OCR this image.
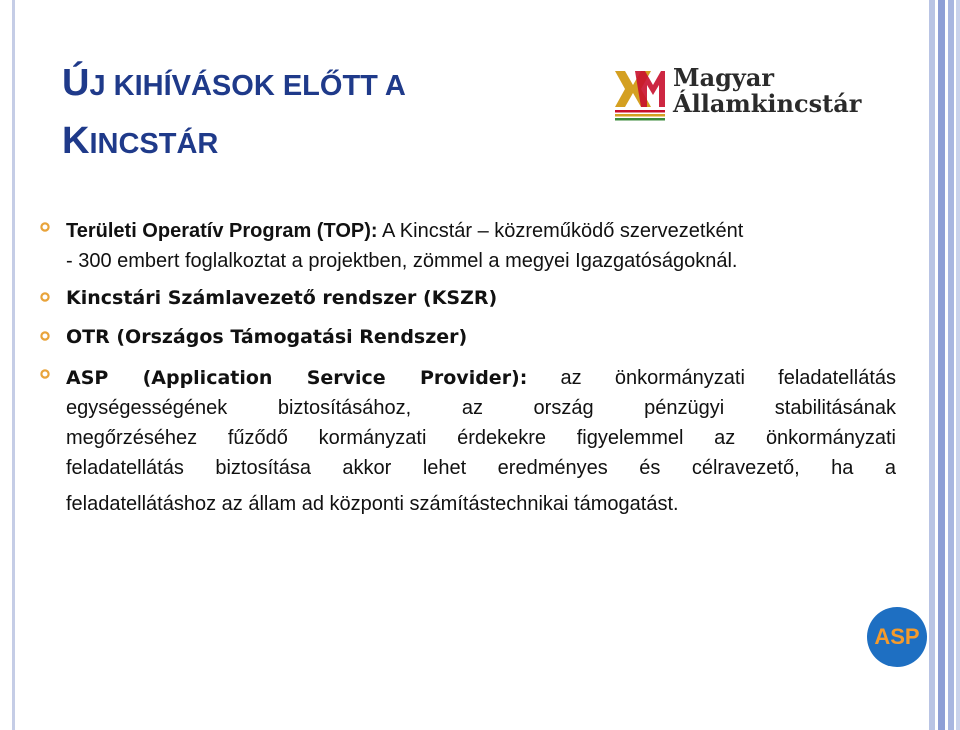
ÚJ KIHÍVÁSOK ELŐTT A
KINCSTÁR
Magyar
Államkincstár
Területi Operatív Program (TOP): A Kincstár – közreműködő szervezetként
- 300 embert foglalkoztat a projektben, zömmel a megyei Igazgatóságoknál.
Kincstári Számlavezető rendszer (KSZR)
OTR (Országos Támogatási Rendszer)
ASP (Application Service Provider): az önkormányzati feladatellátás
egységességének biztosításához, az ország pénzügyi stabilitásának
megőrzéséhez fűződő kormányzati érdekekre figyelemmel az önkormányzati
feladatellátás biztosítása akkor lehet eredményes és célravezető, ha a
feladatellátáshoz az állam ad központi számítástechnikai támogatást.
ASP
